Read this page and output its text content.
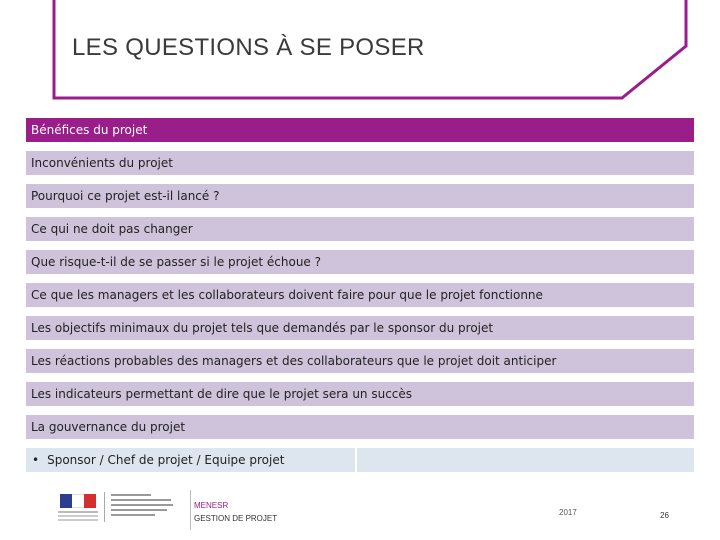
LES QUESTIONS À SE POSER
Bénéfices du projet
Inconvénients du projet
Pourquoi ce projet est-il lancé ?
Ce qui ne doit pas changer
Que risque-t-il de se passer si le projet échoue ?
Ce que les managers et les collaborateurs doivent faire pour que le projet fonctionne
Les objectifs minimaux du projet tels que demandés par le sponsor du projet
Les réactions probables des managers et des collaborateurs que le projet doit anticiper
Les indicateurs permettant de dire que le projet sera un succès
La gouvernance du projet
• Sponsor / Chef de projet / Equipe projet
MENESR
GESTION DE PROJET
2017	26
